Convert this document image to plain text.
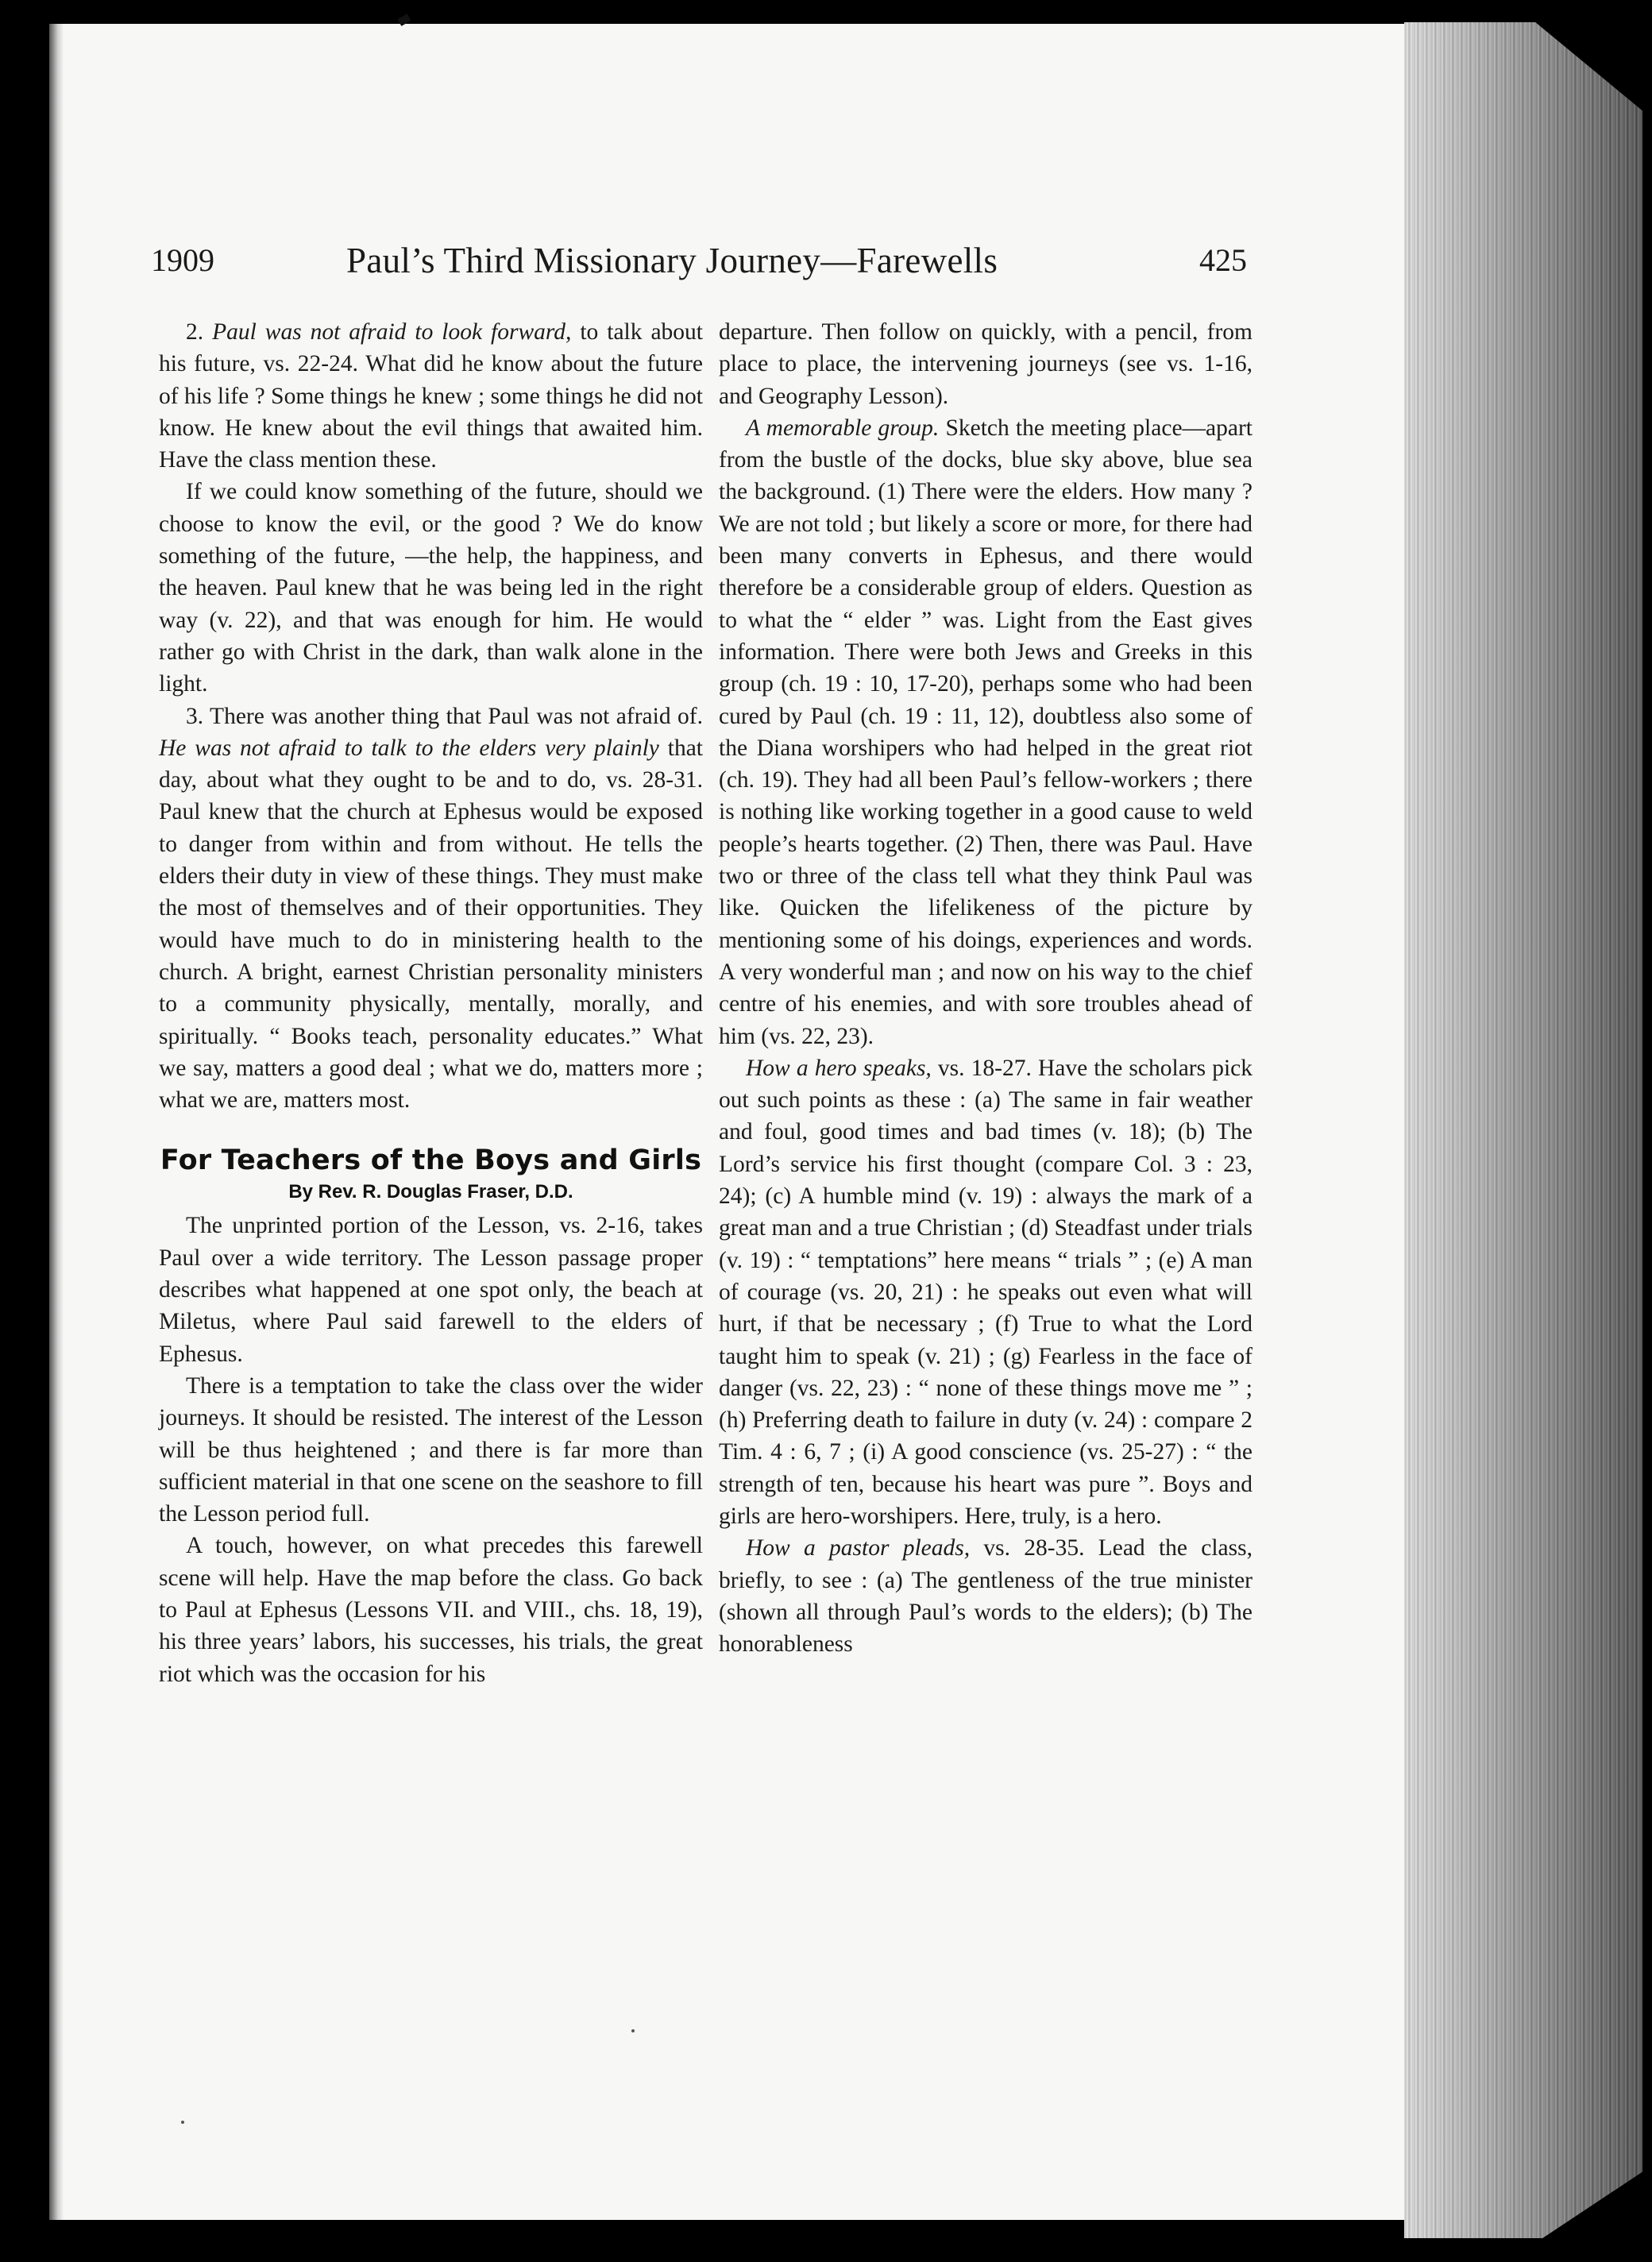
1909	Paul’s Third Missionary Journey—Farewells	425

2. Paul was not afraid to look forward, to talk about his future, vs. 22-24. What did he know about the future of his life ? Some things he knew ; some things he did not know. He knew about the evil things that awaited him. Have the class mention these.

If we could know something of the future, should we choose to know the evil, or the good ? We do know something of the future, —the help, the happiness, and the heaven. Paul knew that he was being led in the right way (v. 22), and that was enough for him. He would rather go with Christ in the dark, than walk alone in the light.

3. There was another thing that Paul was not afraid of. He was not afraid to talk to the elders very plainly that day, about what they ought to be and to do, vs. 28-31. Paul knew that the church at Ephesus would be exposed to danger from within and from without. He tells the elders their duty in view of these things. They must make the most of themselves and of their opportunities. They would have much to do in ministering health to the church. A bright, earnest Christian personality ministers to a community physically, mentally, morally, and spiritually. “ Books teach, personality educates.” What we say, matters a good deal ; what we do, matters more ; what we are, matters most.

For Teachers of the Boys and Girls
By Rev. R. Douglas Fraser, D.D.

The unprinted portion of the Lesson, vs. 2-16, takes Paul over a wide territory. The Lesson passage proper describes what happened at one spot only, the beach at Miletus, where Paul said farewell to the elders of Ephesus.

There is a temptation to take the class over the wider journeys. It should be resisted. The interest of the Lesson will be thus heightened ; and there is far more than sufficient material in that one scene on the seashore to fill the Lesson period full.

A touch, however, on what precedes this farewell scene will help. Have the map before the class. Go back to Paul at Ephesus (Lessons VII. and VIII., chs. 18, 19), his three years’ labors, his successes, his trials, the great riot which was the occasion for his

departure. Then follow on quickly, with a pencil, from place to place, the intervening journeys (see vs. 1-16, and Geography Lesson).

A memorable group. Sketch the meeting place—apart from the bustle of the docks, blue sky above, blue sea the background. (1) There were the elders. How many ? We are not told ; but likely a score or more, for there had been many converts in Ephesus, and there would therefore be a considerable group of elders. Question as to what the “ elder ” was. Light from the East gives information. There were both Jews and Greeks in this group (ch. 19 : 10, 17-20), perhaps some who had been cured by Paul (ch. 19 : 11, 12), doubtless also some of the Diana worshipers who had helped in the great riot (ch. 19). They had all been Paul’s fellow-workers ; there is nothing like working together in a good cause to weld people’s hearts together. (2) Then, there was Paul. Have two or three of the class tell what they think Paul was like. Quicken the lifelikeness of the picture by mentioning some of his doings, experiences and words. A very wonderful man ; and now on his way to the chief centre of his enemies, and with sore troubles ahead of him (vs. 22, 23).

How a hero speaks, vs. 18-27. Have the scholars pick out such points as these : (a) The same in fair weather and foul, good times and bad times (v. 18); (b) The Lord’s service his first thought (compare Col. 3 : 23, 24); (c) A humble mind (v. 19) : always the mark of a great man and a true Christian ; (d) Steadfast under trials (v. 19) : “ temptations” here means “ trials ” ; (e) A man of courage (vs. 20, 21) : he speaks out even what will hurt, if that be necessary ; (f) True to what the Lord taught him to speak (v. 21) ; (g) Fearless in the face of danger (vs. 22, 23) : “ none of these things move me ” ; (h) Preferring death to failure in duty (v. 24) : compare 2 Tim. 4 : 6, 7 ; (i) A good conscience (vs. 25-27) : “ the strength of ten, because his heart was pure ”. Boys and girls are hero-worshipers. Here, truly, is a hero.

How a pastor pleads, vs. 28-35. Lead the class, briefly, to see : (a) The gentleness of the true minister (shown all through Paul’s words to the elders); (b) The honorableness
